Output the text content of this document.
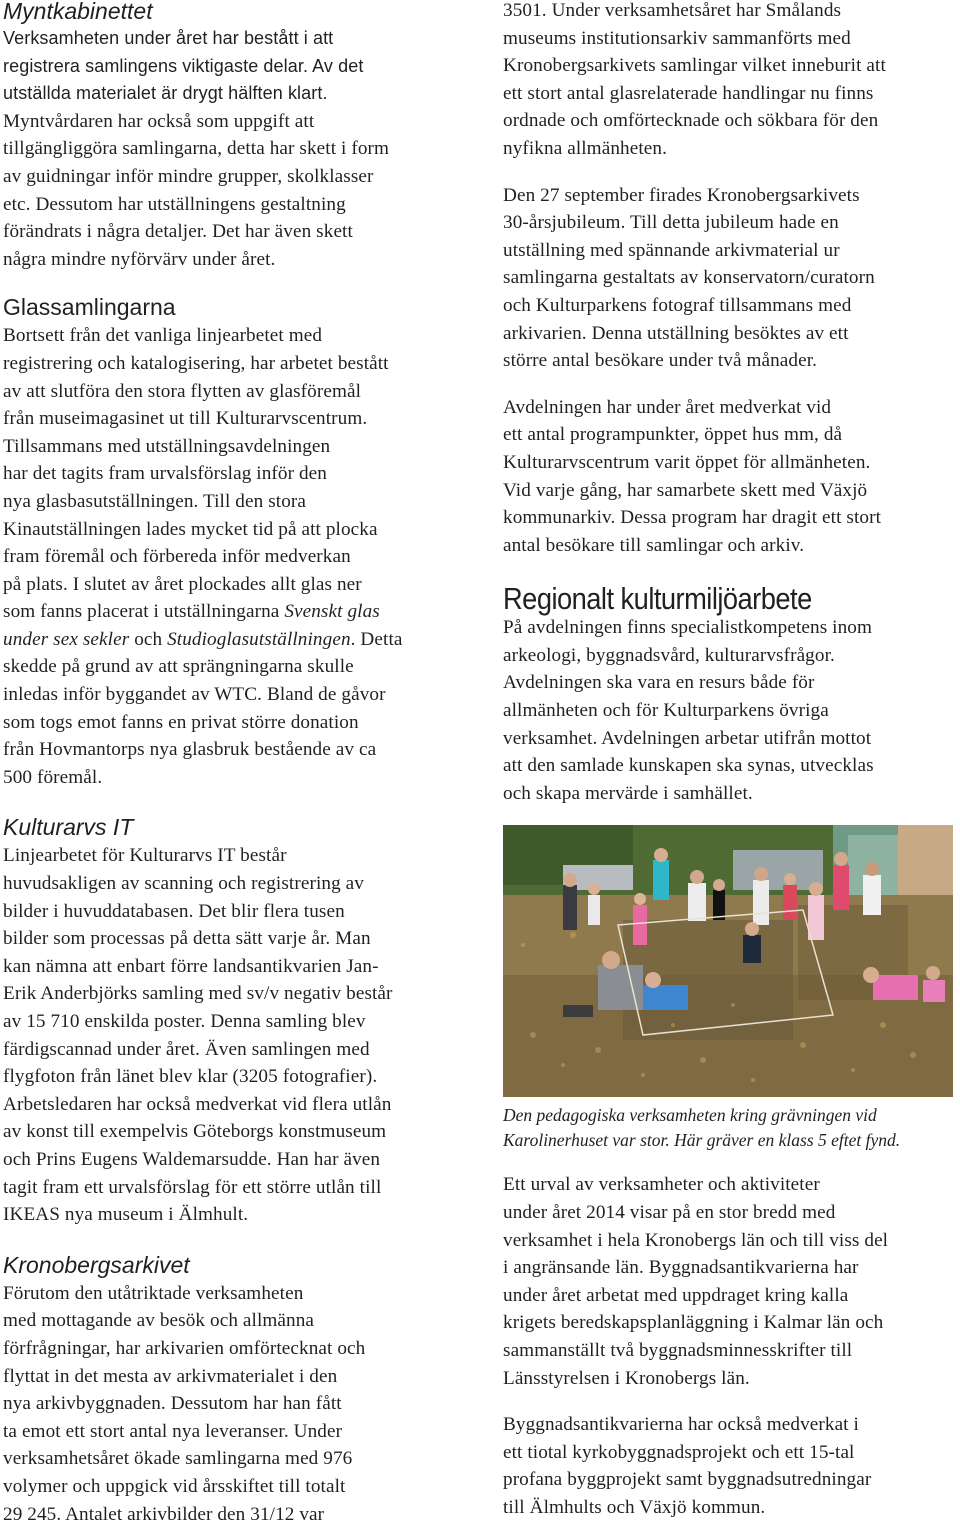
Myntkabinettet

Verksamheten under året har bestått i att
registrera samlingens viktigaste delar. Av det
utställda materialet är drygt hälften klart.
Myntvårdaren har också som uppgift att
tillgängliggöra samlingarna, detta har skett i form
av guidningar inför mindre grupper, skolklasser
etc. Dessutom har utställningens gestaltning
förändrats i några detaljer. Det har även skett
några mindre nyförvärv under året.

Glassamlingarna

Bortsett från det vanliga linjearbetet med
registrering och katalogisering, har arbetet bestått
av att slutföra den stora flytten av glasföremål
från museimagasinet ut till Kulturarvscentrum.
Tillsammans med utställningsavdelningen
har det tagits fram urvalsförslag inför den
nya glasbasutställningen. Till den stora
Kinautställningen lades mycket tid på att plocka
fram föremål och förbereda inför medverkan
på plats. I slutet av året plockades allt glas ner
som fanns placerat i utställningarna Svenskt glas
under sex sekler och Studioglasutställningen. Detta
skedde på grund av att sprängningarna skulle
inledas inför byggandet av WTC. Bland de gåvor
som togs emot fanns en privat större donation
från Hovmantorps nya glasbruk bestående av ca
500 föremål.

Kulturarvs IT

Linjearbetet för Kulturarvs IT består
huvudsakligen av scanning och registrering av
bilder i huvuddatabasen. Det blir flera tusen
bilder som processas på detta sätt varje år. Man
kan nämna att enbart förre landsantikvarien Jan-
Erik Anderbjörks samling med sv/v negativ består
av 15 710 enskilda poster. Denna samling blev
färdigscannad under året. Även samlingen med
flygfoton från länet blev klar (3205 fotografier).
Arbetsledaren har också medverkat vid flera utlån
av konst till exempelvis Göteborgs konstmuseum
och Prins Eugens Waldemarsudde. Han har även
tagit fram ett urvalsförslag för ett större utlån till
IKEAS nya museum i Älmhult.

Kronobergsarkivet

Förutom den utåtriktade verksamheten
med mottagande av besök och allmänna
förfrågningar, har arkivarien omförtecknat och
flyttat in det mesta av arkivmaterialet i den
nya arkivbyggnaden. Dessutom har han fått
ta emot ett stort antal nya leveranser. Under
verksamhetsåret ökade samlingarna med 976
volymer och uppgick vid årsskiftet till totalt
29 245. Antalet arkivbilder den 31/12 var

3501. Under verksamhetsåret har Smålands
museums institutionsarkiv sammanförts med
Kronobergsarkivets samlingar vilket inneburit att
ett stort antal glasrelaterade handlingar nu finns
ordnade och omförtecknade och sökbara för den
nyfikna allmänheten.

Den 27 september firades Kronobergsarkivets
30-årsjubileum. Till detta jubileum hade en
utställning med spännande arkivmaterial ur
samlingarna gestaltats av konservatorn/curatorn
och Kulturparkens fotograf tillsammans med
arkivarien. Denna utställning besöktes av ett
större antal besökare under två månader.

Avdelningen har under året medverkat vid
ett antal programpunkter, öppet hus mm, då
Kulturarvscentrum varit öppet för allmänheten.
Vid varje gång, har samarbete skett med Växjö
kommunarkiv. Dessa program har dragit ett stort
antal besökare till samlingar och arkiv.

Regionalt kulturmiljöarbete

På avdelningen finns specialistkompetens inom
arkeologi, byggnadsvård, kulturarvsfrågor.
Avdelningen ska vara en resurs både för
allmänheten och för Kulturparkens övriga
verksamhet. Avdelningen arbetar utifrån mottot
att den samlade kunskapen ska synas, utvecklas
och skapa mervärde i samhället.

Den pedagogiska verksamheten kring grävningen vid
Karolinerhuset var stor. Här gräver en klass 5 eftet fynd.

Ett urval av verksamheter och aktiviteter
under året 2014 visar på en stor bredd med
verksamhet i hela Kronobergs län och till viss del
i angränsande län. Byggnadsantikvarierna har
under året arbetat med uppdraget kring kalla
krigets beredskapsplanläggning i Kalmar län och
sammanställt två byggnadsminnesskrifter till
Länsstyrelsen i Kronobergs län.

Byggnadsantikvarierna har också medverkat i
ett tiotal kyrkobyggnadsprojekt och ett 15-tal
profana byggprojekt samt byggnadsutredningar
till Älmhults och Växjö kommun.
